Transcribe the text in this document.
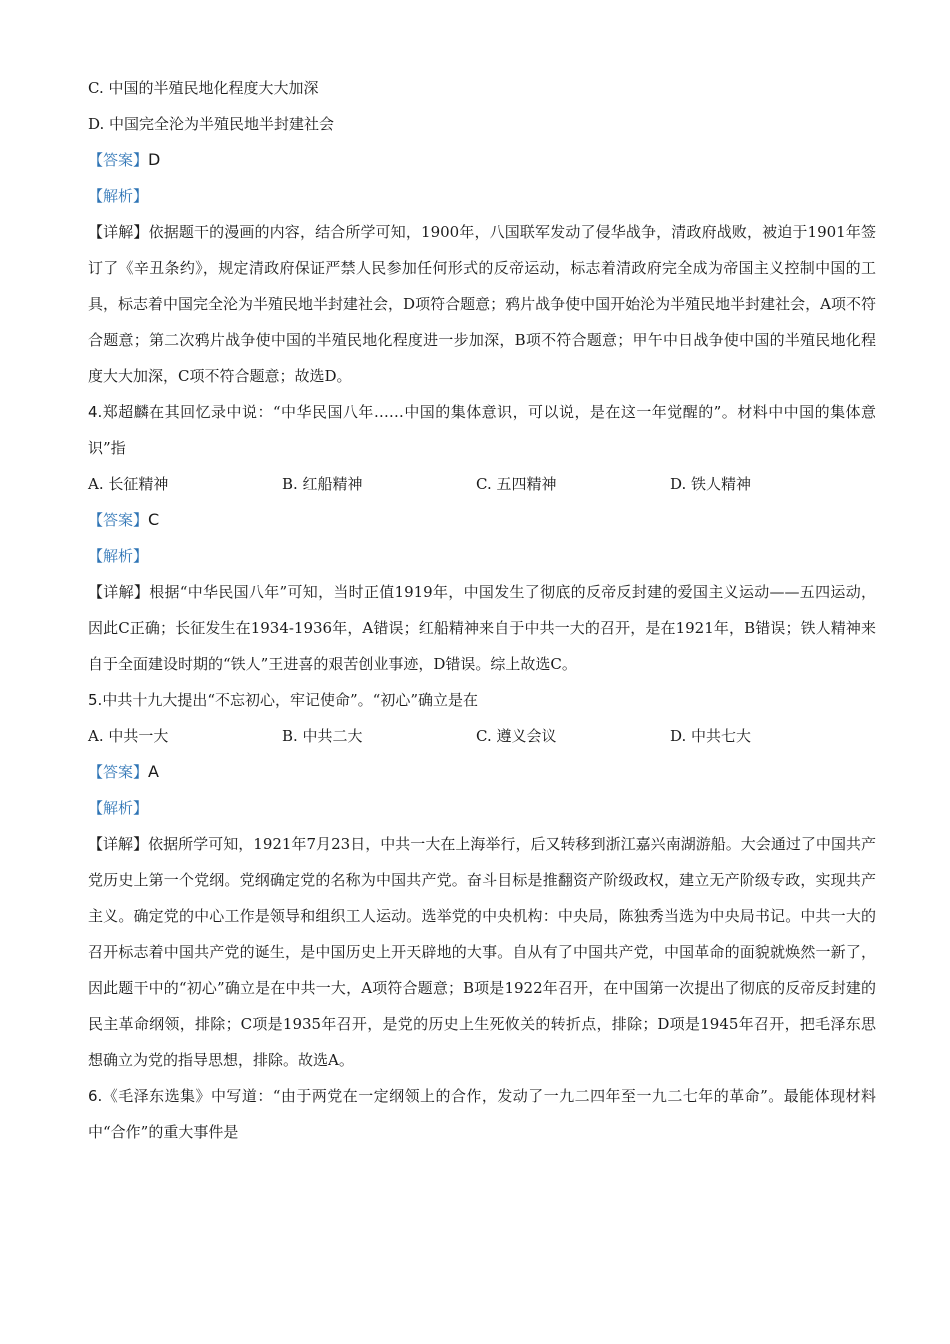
C. 中国的半殖民地化程度大大加深
D. 中国完全沦为半殖民地半封建社会
【答案】D
【解析】
【详解】依据题干的漫画的内容，结合所学可知，1900年，八国联军发动了侵华战争，清政府战败，被迫于1901年签订了《辛丑条约》，规定清政府保证严禁人民参加任何形式的反帝运动，标志着清政府完全成为帝国主义控制中国的工具，标志着中国完全沦为半殖民地半封建社会，D项符合题意；鸦片战争使中国开始沦为半殖民地半封建社会，A项不符合题意；第二次鸦片战争使中国的半殖民地化程度进一步加深，B项不符合题意；甲午中日战争使中国的半殖民地化程度大大加深，C项不符合题意；故选D。
4.郑超麟在其回忆录中说：“中华民国八年……中国的集体意识，可以说，是在这一年觉醒的”。材料中中国的集体意识”指
A. 长征精神	B. 红船精神	C. 五四精神	D. 铁人精神
【答案】C
【解析】
【详解】根据“中华民国八年”可知，当时正值1919年，中国发生了彻底的反帝反封建的爱国主义运动——五四运动，因此C正确；长征发生在1934-1936年，A错误；红船精神来自于中共一大的召开，是在1921年，B错误；铁人精神来自于全面建设时期的“铁人”王进喜的艰苦创业事迹，D错误。综上故选C。
5.中共十九大提出“不忘初心，牢记使命”。“初心”确立是在
A. 中共一大	B. 中共二大	C. 遵义会议	D. 中共七大
【答案】A
【解析】
【详解】依据所学可知，1921年7月23日，中共一大在上海举行，后又转移到浙江嘉兴南湖游船。大会通过了中国共产党历史上第一个党纲。党纲确定党的名称为中国共产党。奋斗目标是推翻资产阶级政权，建立无产阶级专政，实现共产主义。确定党的中心工作是领导和组织工人运动。选举党的中央机构：中央局，陈独秀当选为中央局书记。中共一大的召开标志着中国共产党的诞生，是中国历史上开天辟地的大事。自从有了中国共产党，中国革命的面貌就焕然一新了，因此题干中的“初心”确立是在中共一大，A项符合题意；B项是1922年召开，在中国第一次提出了彻底的反帝反封建的民主革命纲领，排除；C项是1935年召开，是党的历史上生死攸关的转折点，排除；D项是1945年召开，把毛泽东思想确立为党的指导思想，排除。故选A。
6.《毛泽东选集》中写道：“由于两党在一定纲领上的合作，发动了一九二四年至一九二七年的革命”。最能体现材料中“合作”的重大事件是
